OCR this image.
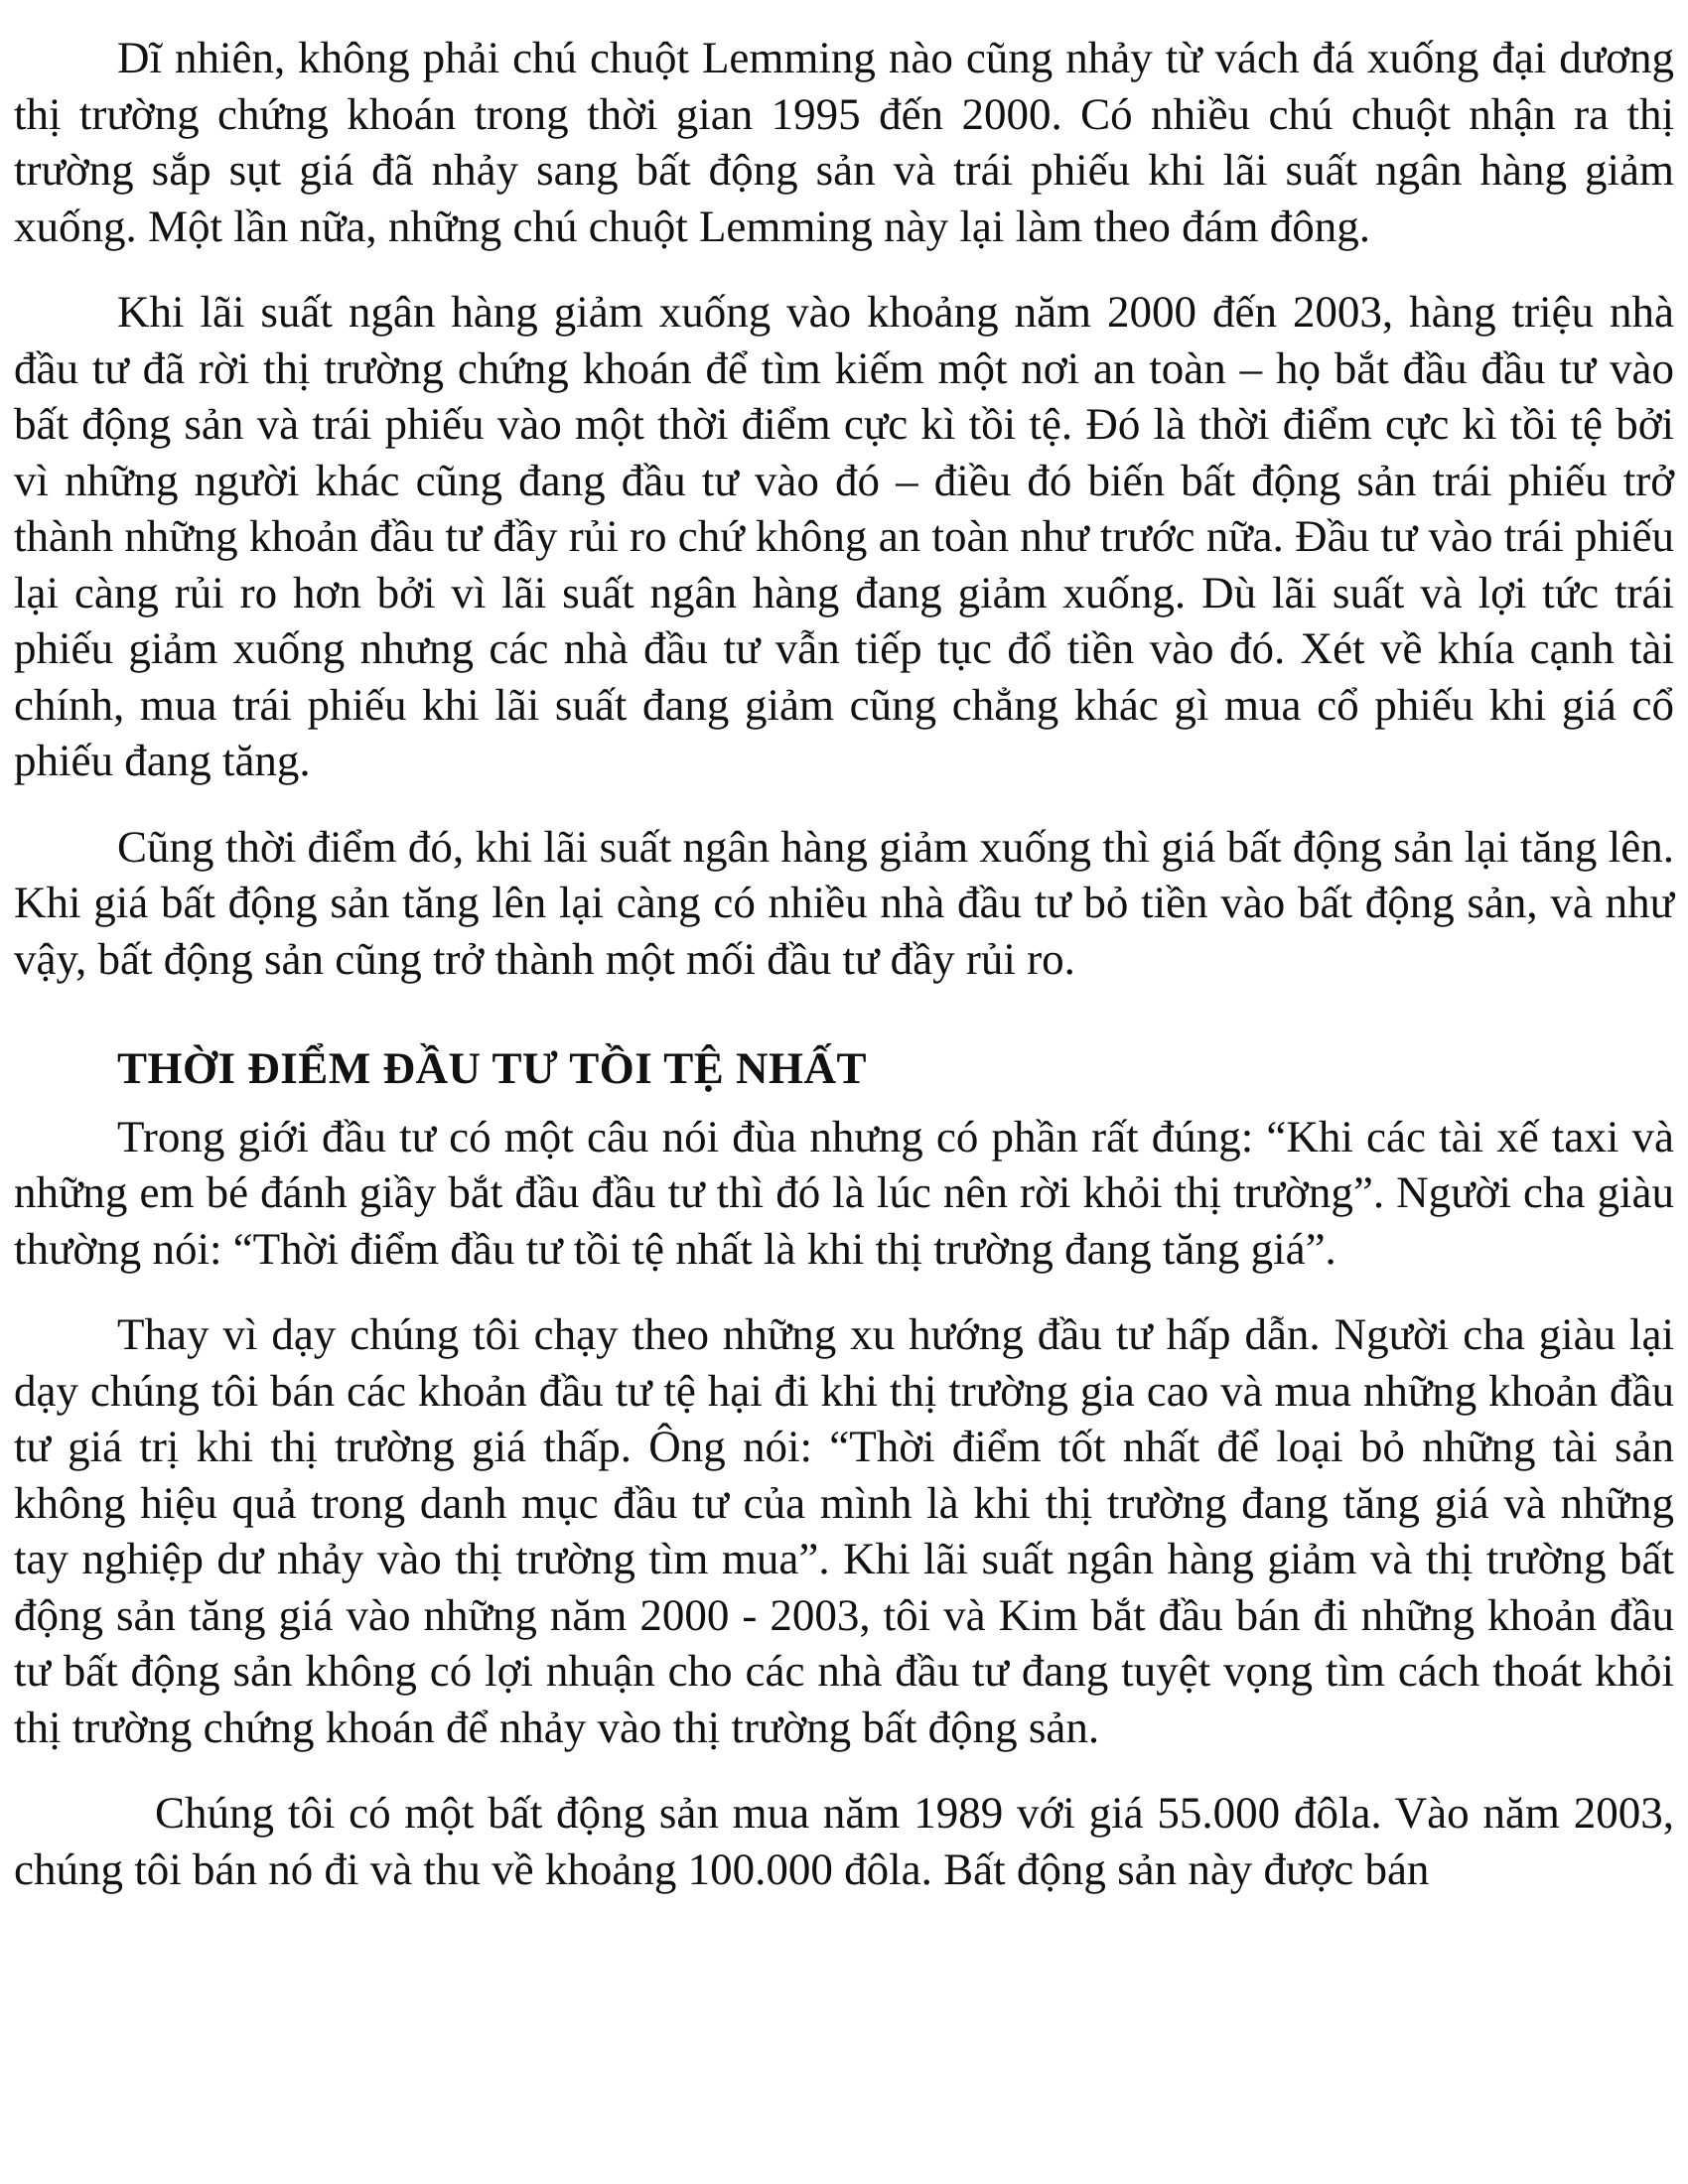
Dĩ nhiên, không phải chú chuột Lemming nào cũng nhảy từ vách đá xuống đại dương thị trường chứng khoán trong thời gian 1995 đến 2000. Có nhiều chú chuột nhận ra thị trường sắp sụt giá đã nhảy sang bất động sản và trái phiếu khi lãi suất ngân hàng giảm xuống. Một lần nữa, những chú chuột Lemming này lại làm theo đám đông.

Khi lãi suất ngân hàng giảm xuống vào khoảng năm 2000 đến 2003, hàng triệu nhà đầu tư đã rời thị trường chứng khoán để tìm kiếm một nơi an toàn – họ bắt đầu đầu tư vào bất động sản và trái phiếu vào một thời điểm cực kì tồi tệ. Đó là thời điểm cực kì tồi tệ bởi vì những người khác cũng đang đầu tư vào đó – điều đó biến bất động sản trái phiếu trở thành những khoản đầu tư đầy rủi ro chứ không an toàn như trước nữa. Đầu tư vào trái phiếu lại càng rủi ro hơn bởi vì lãi suất ngân hàng đang giảm xuống. Dù lãi suất và lợi tức trái phiếu giảm xuống nhưng các nhà đầu tư vẫn tiếp tục đổ tiền vào đó. Xét về khía cạnh tài chính, mua trái phiếu khi lãi suất đang giảm cũng chẳng khác gì mua cổ phiếu khi giá cổ phiếu đang tăng.

Cũng thời điểm đó, khi lãi suất ngân hàng giảm xuống thì giá bất động sản lại tăng lên. Khi giá bất động sản tăng lên lại càng có nhiều nhà đầu tư bỏ tiền vào bất động sản, và như vậy, bất động sản cũng trở thành một mối đầu tư đầy rủi ro.

THỜI ĐIỂM ĐẦU TƯ TỒI TỆ NHẤT

Trong giới đầu tư có một câu nói đùa nhưng có phần rất đúng: “Khi các tài xế taxi và những em bé đánh giầy bắt đầu đầu tư thì đó là lúc nên rời khỏi thị trường”. Người cha giàu thường nói: “Thời điểm đầu tư tồi tệ nhất là khi thị trường đang tăng giá”.

Thay vì dạy chúng tôi chạy theo những xu hướng đầu tư hấp dẫn. Người cha giàu lại dạy chúng tôi bán các khoản đầu tư tệ hại đi khi thị trường gia cao và mua những khoản đầu tư giá trị khi thị trường giá thấp. Ông nói: “Thời điểm tốt nhất để loại bỏ những tài sản không hiệu quả trong danh mục đầu tư của mình là khi thị trường đang tăng giá và những tay nghiệp dư nhảy vào thị trường tìm mua”. Khi lãi suất ngân hàng giảm và thị trường bất động sản tăng giá vào những năm 2000 - 2003, tôi và Kim bắt đầu bán đi những khoản đầu tư bất động sản không có lợi nhuận cho các nhà đầu tư đang tuyệt vọng tìm cách thoát khỏi thị trường chứng khoán để nhảy vào thị trường bất động sản.

Chúng tôi có một bất động sản mua năm 1989 với giá 55.000 đôla. Vào năm 2003, chúng tôi bán nó đi và thu về khoảng 100.000 đôla. Bất động sản này được bán
